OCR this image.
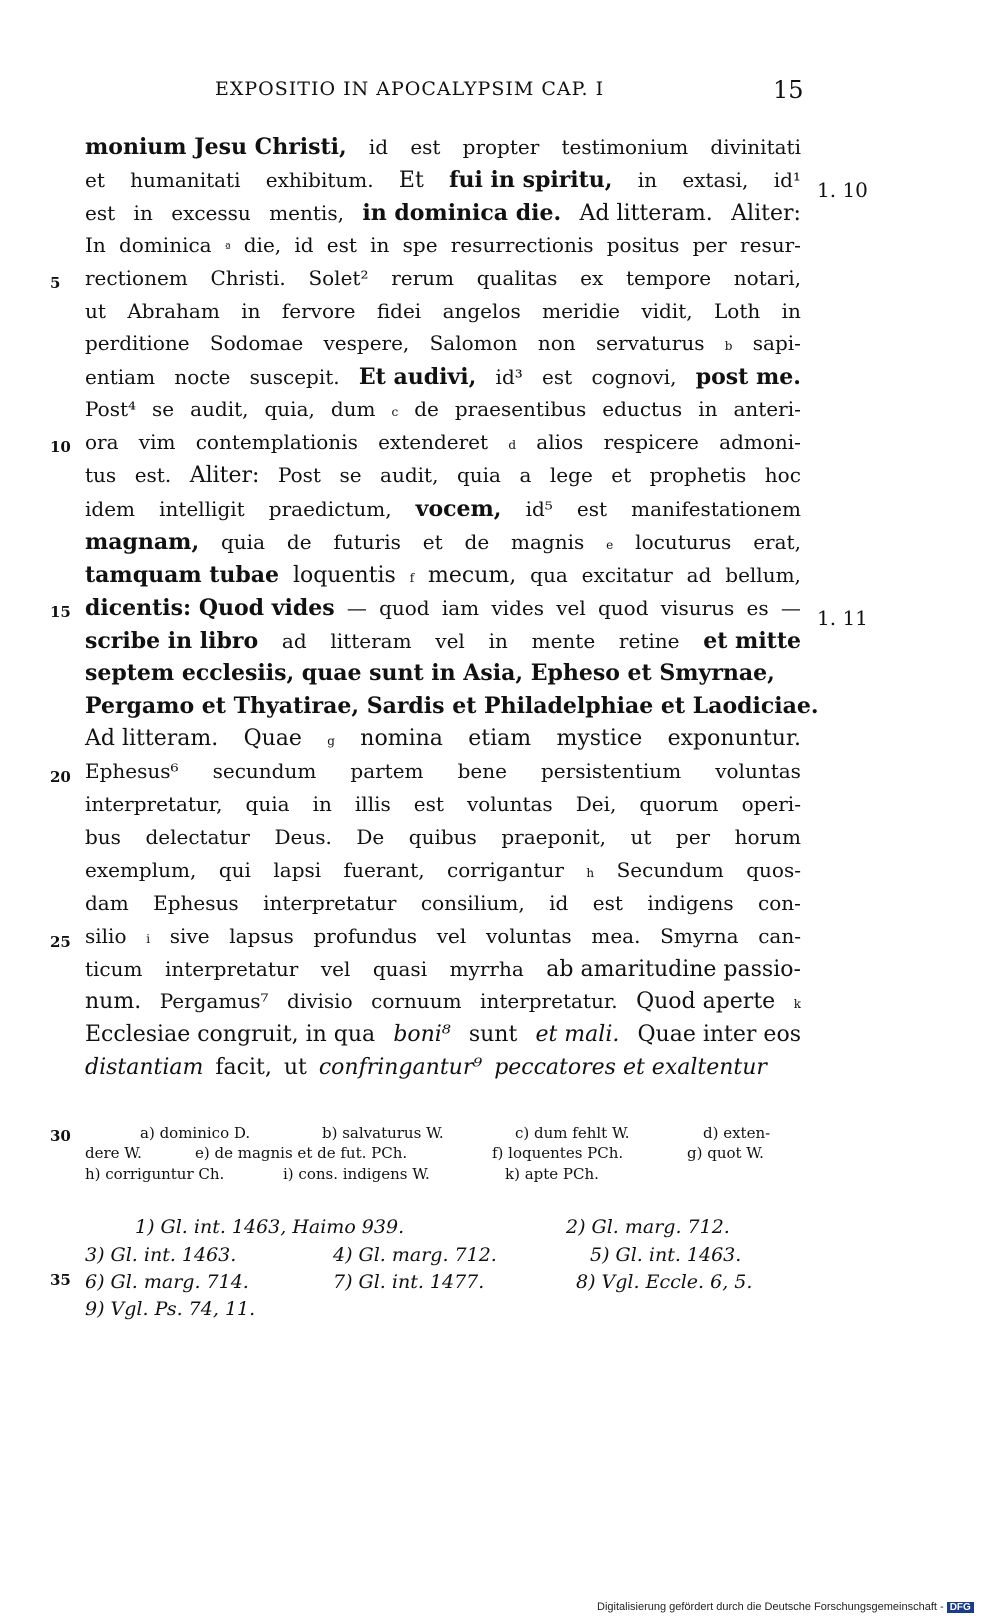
EXPOSITIO IN APOCALYPSIM CAP. I	15
monium Jesu Christi, id est propter testimonium divinitati
et humanitati exhibitum. Et fui in spiritu, in extasi, id¹
est in excessu mentis, in dominica die. Ad litteram. Aliter:
In dominica ª die, id est in spe resurrectionis positus per resur-
rectionem Christi. Solet² rerum qualitas ex tempore notari,
ut Abraham in fervore fidei angelos meridie vidit, Loth in
perditione Sodomae vespere, Salomon non servaturus b sapi-
entiam nocte suscepit. Et audivi, id³ est cognovi, post me.
Post⁴ se audit, quia, dum c de praesentibus eductus in anteri-
ora vim contemplationis extenderet d alios respicere admoni-
tus est. Aliter: Post se audit, quia a lege et prophetis hoc
idem intelligit praedictum, vocem, id⁵ est manifestationem
magnam, quia de futuris et de magnis e locuturus erat,
tamquam tubae loquentis f mecum, qua excitatur ad bellum,
dicentis: Quod vides — quod iam vides vel quod visurus es —
scribe in libro ad litteram vel in mente retine et mitte
septem ecclesiis, quae sunt in Asia, Epheso et Smyrnae,
Pergamo et Thyatirae, Sardis et Philadelphiae et Laodiciae.
Ad litteram. Quae g nomina etiam mystice exponuntur.
Ephesus⁶ secundum partem bene persistentium voluntas
interpretatur, quia in illis est voluntas Dei, quorum operi-
bus delectatur Deus. De quibus praeponit, ut per horum
exemplum, qui lapsi fuerant, corrigantur h Secundum quos-
dam Ephesus interpretatur consilium, id est indigens con-
silio i sive lapsus profundus vel voluntas mea. Smyrna can-
ticum interpretatur vel quasi myrrha ab amaritudine passio-
num. Pergamus⁷ divisio cornuum interpretatur. Quod aperte k
Ecclesiae congruit, in qua boni⁸ sunt et mali. Quae inter eos
distantiam facit, ut confringantur⁹ peccatores et exaltentur
5
10
15
20
25
30
35
1. 10
1. 11
a) dominico D.	b) salvaturus W.	c) dum fehlt W.	d) exten-
dere W.	e) de magnis et de fut. PCh.	f) loquentes PCh.	g) quot W.
h) corriguntur Ch.	i) cons. indigens W.	k) apte PCh.
1) Gl. int. 1463, Haimo 939.	2) Gl. marg. 712.
3) Gl. int. 1463.	4) Gl. marg. 712.	5) Gl. int. 1463.
6) Gl. marg. 714.	7) Gl. int. 1477.	8) Vgl. Eccle. 6, 5.
9) Vgl. Ps. 74, 11.
Digitalisierung gefördert durch die Deutsche Forschungsgemeinschaft - DFG
